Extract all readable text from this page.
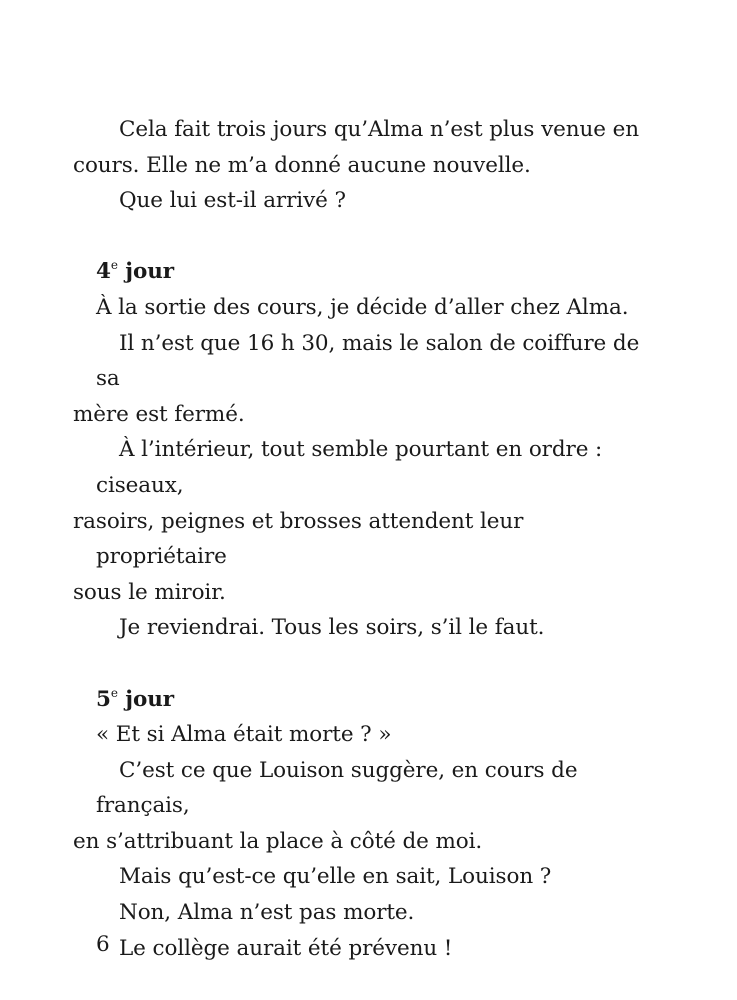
Cela fait trois jours qu’Alma n’est plus venue en
cours. Elle ne m’a donné aucune nouvelle.

Que lui est-il arrivé ?

4e jour

À la sortie des cours, je décide d’aller chez Alma.

Il n’est que 16 h 30, mais le salon de coiffure de sa
mère est fermé.

À l’intérieur, tout semble pourtant en ordre : ciseaux,
rasoirs, peignes et brosses attendent leur propriétaire
sous le miroir.

Je reviendrai. Tous les soirs, s’il le faut.

5e jour

« Et si Alma était morte ? »

C’est ce que Louison suggère, en cours de français,
en s’attribuant la place à côté de moi.

Mais qu’est-ce qu’elle en sait, Louison ?

Non, Alma n’est pas morte.

Le collège aurait été prévenu !

6
